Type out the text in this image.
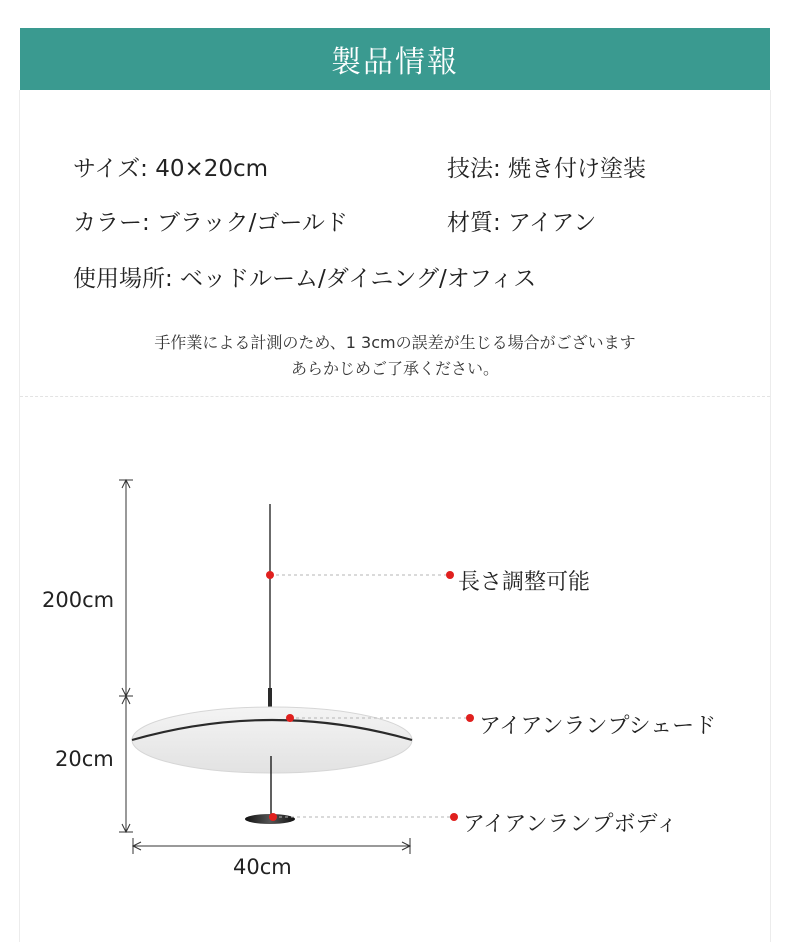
製品情報
サイズ: 40×20cm	技法: 焼き付け塗装
カラー: ブラック/ゴールド	材質: アイアン
使用場所: ベッドルーム/ダイニング/オフィス
手作業による計測のため、1 3cmの誤差が生じる場合がございます
あらかじめご了承ください。
200cm
20cm
40cm
長さ調整可能
アイアンランプシェード
アイアンランプボディ
